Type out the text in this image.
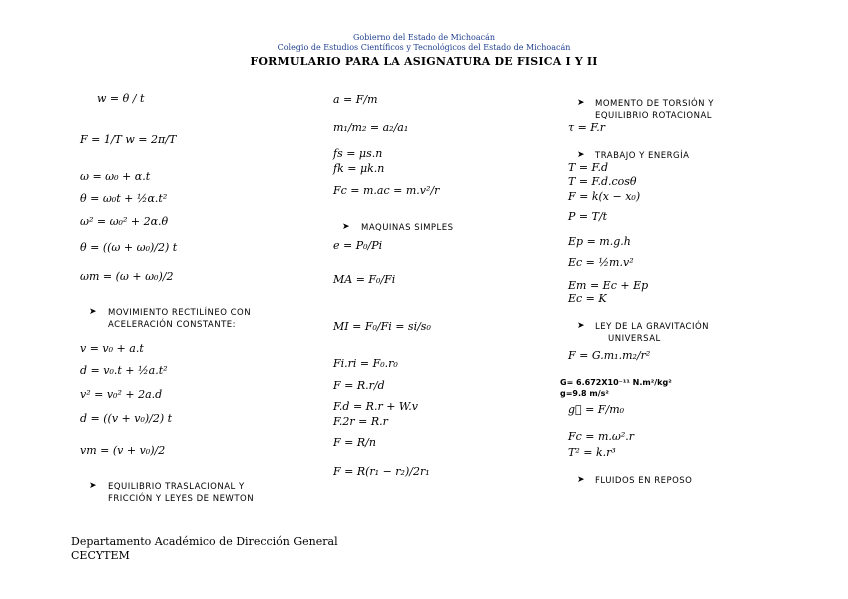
Gobierno del Estado de Michoacán
Colegio de Estudios Científicos y Tecnológicos del Estado de Michoacán
FORMULARIO PARA LA ASIGNATURA DE FISICA I Y II
w = θ / t
F = 1/T w = 2π/T
ω = ω₀ + α.t
θ = ω₀t + ½α.t²
ω² = ω₀² + 2α.θ
θ = ((ω + ω₀)/2) t
ωm = (ω + ω₀)/2
➤ MOVIMIENTO RECTILÍNEO CON
ACELERACIÓN CONSTANTE:
v = v₀ + a.t
d = v₀.t + ½a.t²
v² = v₀² + 2a.d
d = ((v + v₀)/2) t
vm = (v + v₀)/2
➤ EQUILIBRIO TRASLACIONAL Y
FRICCIÓN Y LEYES DE NEWTON
a = F/m
m₁/m₂ = a₂/a₁
fs = μs.n
fk = μk.n
Fc = m.ac = m.v²/r
➤ MAQUINAS SIMPLES
e = P₀/Pi
MA = F₀/Fi
MI = F₀/Fi = si/s₀
Fi.ri = F₀.r₀
F = R.r/d
F.d = R.r + W.v
F.2r = R.r
F = R/n
F = R(r₁ − r₂)/2r₁
➤ MOMENTO DE TORSIÓN Y
EQUILIBRIO ROTACIONAL
τ = F.r
➤ TRABAJO Y ENERGÍA
T = F.d
T = F.d.cosθ
F = k(x − x₀)
P = T/t
Ep = m.g.h
Ec = ½m.v²
Em = Ec + Ep
Ec = K
➤ LEY DE LA GRAVITACIÓN
UNIVERSAL
F = G.m₁.m₂/r²
G= 6.672X10⁻¹¹ N.m²/kg²
g=9.8 m/s²
g⃗ = F/m₀
Fc = m.ω².r
T² = k.r³
➤ FLUIDOS EN REPOSO
Departamento Académico de Dirección General
CECYTEM
